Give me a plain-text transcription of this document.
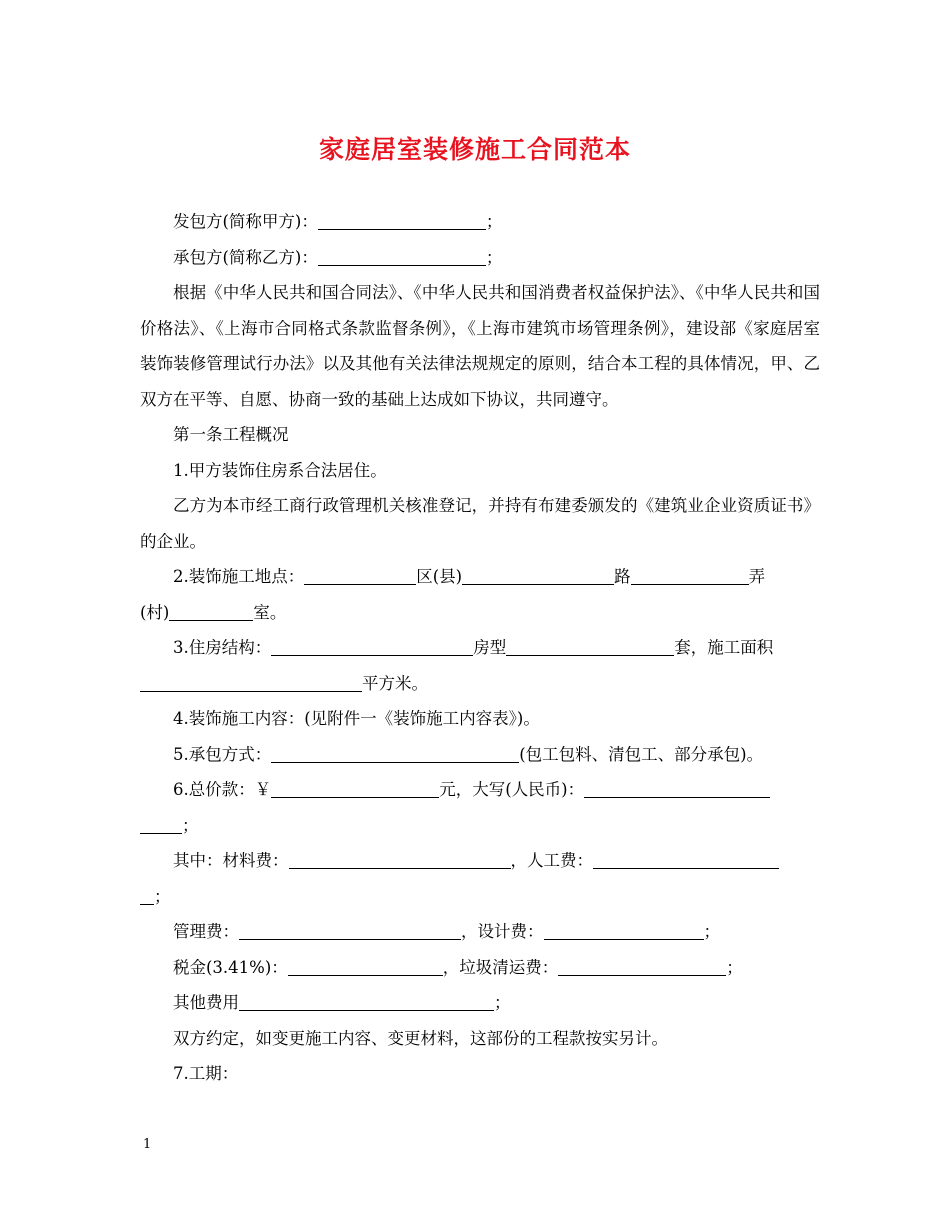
家庭居室装修施工合同范本

发包方(简称甲方)：	；

承包方(简称乙方)：	；

根据《中华人民共和国合同法》、《中华人民共和国消费者权益保护法》、《中华人民共和国价格法》、《上海市合同格式条款监督条例》，《上海市建筑市场管理条例》，建设部《家庭居室装饰装修管理试行办法》以及其他有关法律法规规定的原则，结合本工程的具体情况，甲、乙双方在平等、自愿、协商一致的基础上达成如下协议，共同遵守。

第一条工程概况

1.甲方装饰住房系合法居住。

乙方为本市经工商行政管理机关核准登记，并持有布建委颁发的《建筑业企业资质证书》的企业。

2.装饰施工地点：	区(县)	路	弄

(村)	室。

3.住房结构：	房型	套，施工面积

平方米。

4.装饰施工内容：(见附件一《装饰施工内容表》)。

5.承包方式：	(包工包料、清包工、部分承包)。

6.总价款：￥	元，大写(人民币)：

；

其中：材料费：	，人工费：

；

管理费：	，设计费：	；

税金(3.41%)：	，垃圾清运费：	；

其他费用	；

双方约定，如变更施工内容、变更材料，这部份的工程款按实另计。

7.工期：

1
